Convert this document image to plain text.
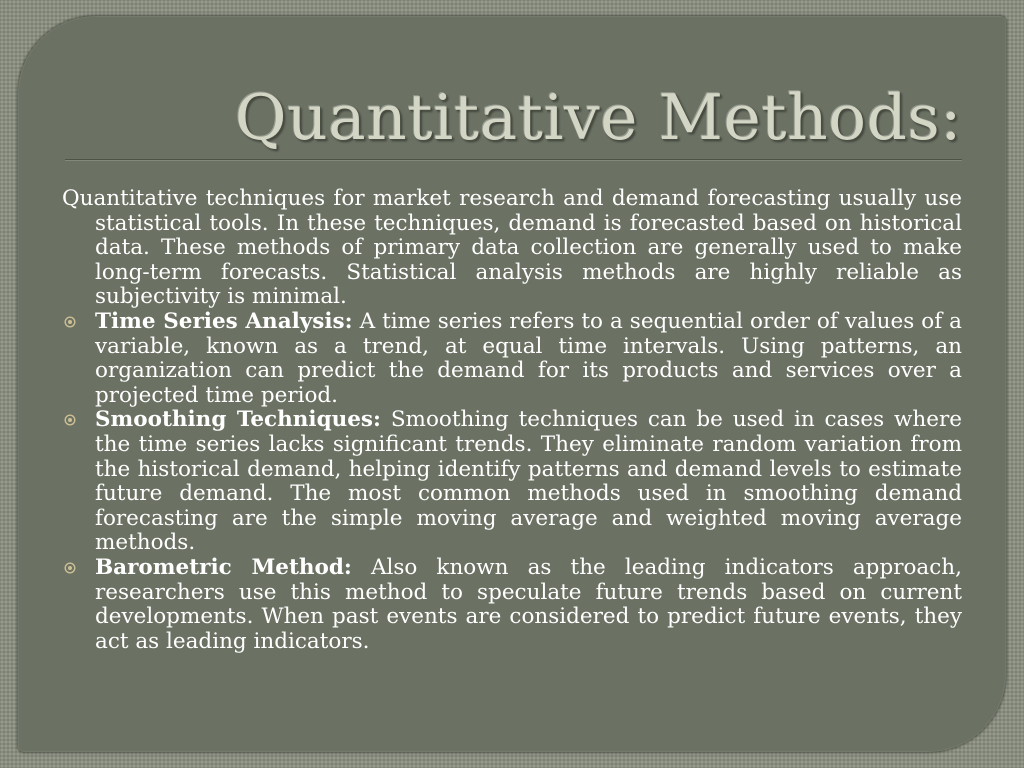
Quantitative Methods:

Quantitative techniques for market research and demand forecasting usually use statistical tools. In these techniques, demand is forecasted based on historical data. These methods of primary data collection are generally used to make long-term forecasts. Statistical analysis methods are highly reliable as subjectivity is minimal.

Time Series Analysis: A time series refers to a sequential order of values of a variable, known as a trend, at equal time intervals. Using patterns, an organization can predict the demand for its products and services over a projected time period.
Smoothing Techniques: Smoothing techniques can be used in cases where the time series lacks significant trends. They eliminate random variation from the historical demand, helping identify patterns and demand levels to estimate future demand. The most common methods used in smoothing demand forecasting are the simple moving average and weighted moving average methods.
Barometric Method: Also known as the leading indicators approach, researchers use this method to speculate future trends based on current developments. When past events are considered to predict future events, they act as leading indicators.
